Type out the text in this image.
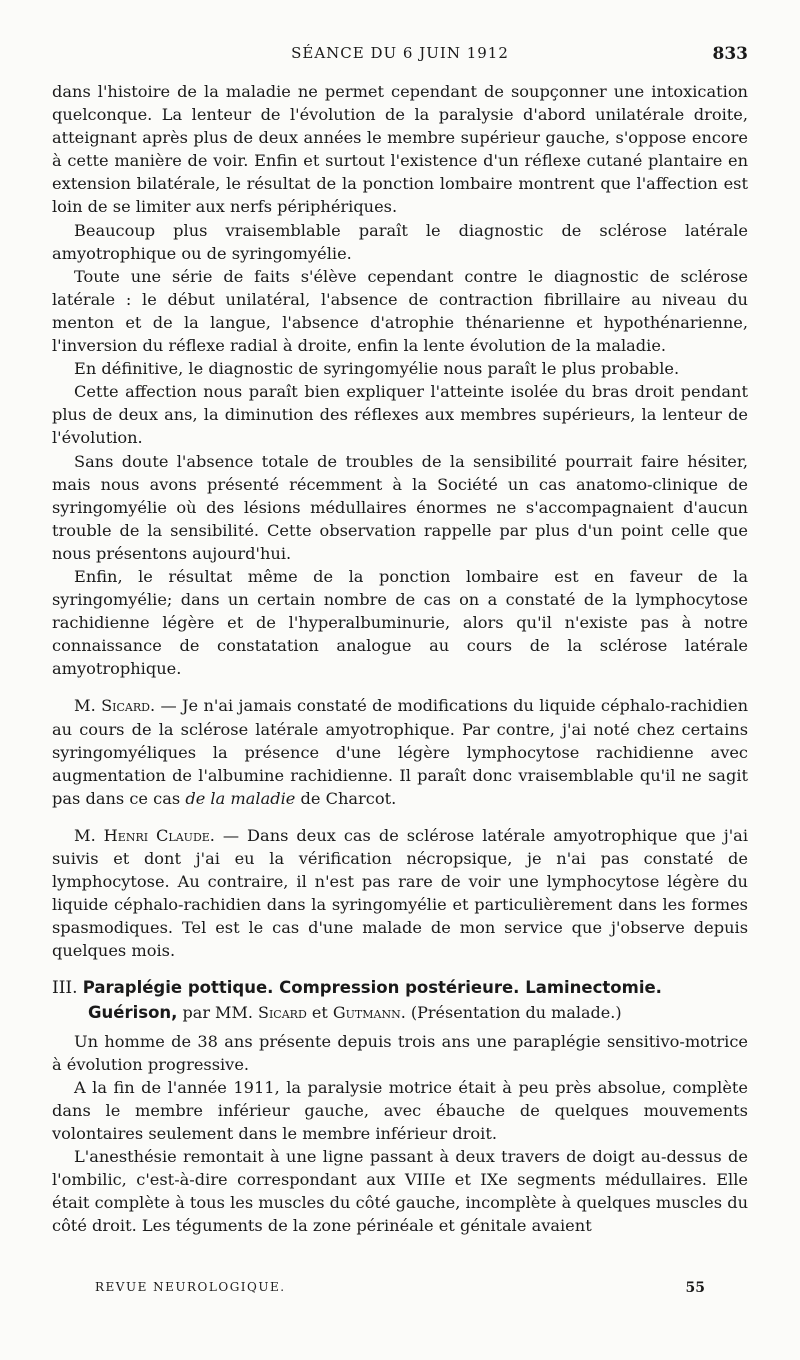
SÉANCE DU 6 JUIN 1912	833

dans l'histoire de la maladie ne permet cependant de soupçonner une intoxication quelconque. La lenteur de l'évolution de la paralysie d'abord unilatérale droite, atteignant après plus de deux années le membre supérieur gauche, s'oppose encore à cette manière de voir. Enfin et surtout l'existence d'un réflexe cutané plantaire en extension bilatérale, le résultat de la ponction lombaire montrent que l'affection est loin de se limiter aux nerfs périphériques.

Beaucoup plus vraisemblable paraît le diagnostic de sclérose latérale amyotrophique ou de syringomyélie.

Toute une série de faits s'élève cependant contre le diagnostic de sclérose latérale : le début unilatéral, l'absence de contraction fibrillaire au niveau du menton et de la langue, l'absence d'atrophie thénarienne et hypothénarienne, l'inversion du réflexe radial à droite, enfin la lente évolution de la maladie.

En définitive, le diagnostic de syringomyélie nous paraît le plus probable.

Cette affection nous paraît bien expliquer l'atteinte isolée du bras droit pendant plus de deux ans, la diminution des réflexes aux membres supérieurs, la lenteur de l'évolution.

Sans doute l'absence totale de troubles de la sensibilité pourrait faire hésiter, mais nous avons présenté récemment à la Société un cas anatomo-clinique de syringomyélie où des lésions médullaires énormes ne s'accompagnaient d'aucun trouble de la sensibilité. Cette observation rappelle par plus d'un point celle que nous présentons aujourd'hui.

Enfin, le résultat même de la ponction lombaire est en faveur de la syringomyélie; dans un certain nombre de cas on a constaté de la lymphocytose rachidienne légère et de l'hyperalbuminurie, alors qu'il n'existe pas à notre connaissance de constatation analogue au cours de la sclérose latérale amyotrophique.

M. Sicard. — Je n'ai jamais constaté de modifications du liquide céphalo-rachidien au cours de la sclérose latérale amyotrophique. Par contre, j'ai noté chez certains syringomyéliques la présence d'une légère lymphocytose rachidienne avec augmentation de l'albumine rachidienne. Il paraît donc vraisemblable qu'il ne sagit pas dans ce cas de la maladie de Charcot.

M. Henri Claude. — Dans deux cas de sclérose latérale amyotrophique que j'ai suivis et dont j'ai eu la vérification nécropsique, je n'ai pas constaté de lymphocytose. Au contraire, il n'est pas rare de voir une lymphocytose légère du liquide céphalo-rachidien dans la syringomyélie et particulièrement dans les formes spasmodiques. Tel est le cas d'une malade de mon service que j'observe depuis quelques mois.

III. Paraplégie pottique. Compression postérieure. Laminectomie.
Guérison, par MM. Sicard et Gutmann. (Présentation du malade.)

Un homme de 38 ans présente depuis trois ans une paraplégie sensitivo-motrice à évolution progressive.

A la fin de l'année 1911, la paralysie motrice était à peu près absolue, complète dans le membre inférieur gauche, avec ébauche de quelques mouvements volontaires seulement dans le membre inférieur droit.

L'anesthésie remontait à une ligne passant à deux travers de doigt au-dessus de l'ombilic, c'est-à-dire correspondant aux VIIIe et IXe segments médullaires. Elle était complète à tous les muscles du côté gauche, incomplète à quelques muscles du côté droit. Les téguments de la zone périnéale et génitale avaient

REVUE NEUROLOGIQUE.	55
